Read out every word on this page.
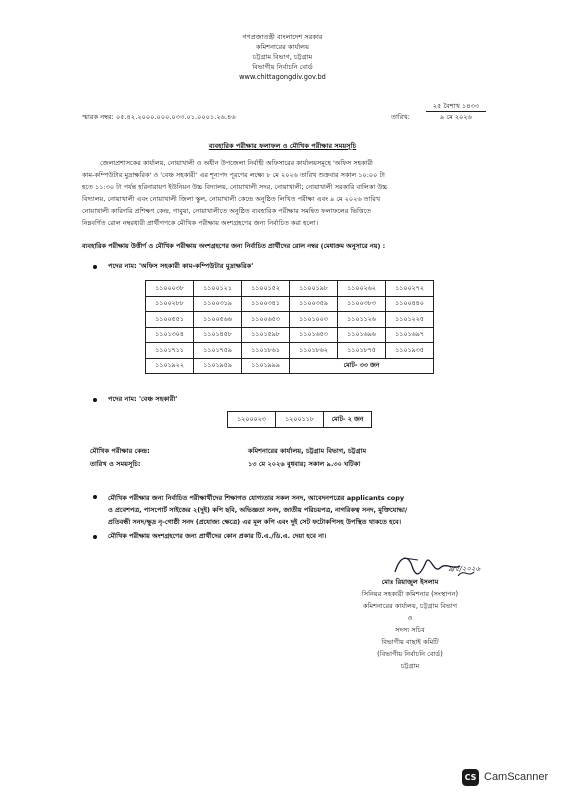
গণপ্রজাতন্ত্রী বাংলাদেশ সরকার
কমিশনারের কার্যালয়
চট্টগ্রাম বিভাগ, চট্টগ্রাম
বিভাগীয় নির্বাচনি বোর্ড
www.chittagongdiv.gov.bd
স্মারক নম্বর: ০৫.৪২.২০০০.০০০.০৩৩.০১.০০০১.২৬.৪৬	তারিখ:
২৫ বৈশাখ ১৪৩৩
৯ মে ২০২৬
ব্যবহারিক পরীক্ষার ফলাফল ও মৌখিক পরীক্ষার সময়সূচি
জেলাপ্রশাসকের কার্যালয়, নোয়াখালী ও অধীন উপজেলা নির্বাহী অফিসারের কার্যালয়সমূহে 'অফিস সহকারী
কাম-কম্পিউটার মুদ্রাক্ষরিক' ও 'বেঞ্চ সহকারী' এর শূন্যপদ পূরণের লক্ষ্যে ৮ মে ২০২৬ তারিখ শুক্রবার সকাল ১০:০০ টা
হতে ১১:৩০ টা পর্যন্ত হরিনারায়ণ ইউনিয়ন উচ্চ বিদ্যালয়, নোয়াখালী সদর, নোয়াখালী; নোয়াখালী সরকারি বালিকা উচ্চ
বিদ্যালয়, নোয়াখালী এবং নোয়াখালী জিলা স্কুল, নোয়াখালী কেন্দ্রে অনুষ্ঠিত লিখিত পরীক্ষা এবং ৯ মে ২০২৬ তারিখ
নোয়াখালী কারিগরি প্রশিক্ষণ কেন্দ্র, গাবুয়া, নোয়াখালীতে অনুষ্ঠিত ব্যবহারিক পরীক্ষার সমন্বিত ফলাফলের ভিত্তিতে
নিম্নবর্ণিত রোল নম্বরধারী প্রার্থীগণকে মৌখিক পরীক্ষায় অংশগ্রহণের জন্য নির্বাচিত করা হলো।
ব্যবহারিক পরীক্ষায় উত্তীর্ণ ও মৌখিক পরীক্ষায় অংশগ্রহণের জন্য নির্বাচিত প্রার্থীদের রোল নম্বর (মেধাক্রম অনুসারে নয়) :
পদের নাম: 'অফিস সহকারী কাম-কম্পিউটার মুদ্রাক্ষরিক'
১১০০০৩৮	১১০০১২১	১১০০১৫২	১১০০১৯৮	১১০০২৬২	১১০০২৭২
১১০০২৮৮	১১০০৩১৯	১১০০৩৪১	১১০০৩৫৯	১১০০৩৮৩	১১০০৪৪০
১১০০৫৫১	১১০০৫৬৬	১১০০৬৫৩	১১০১০০৩	১১০১১২৬	১১০১২২৫
১১০১৩০৪	১১০১৪৫৮	১১০১৫৯৮	১১০১৬৫৩	১১০১৬৯৬	১১০১৬৯৭
১১০১৭১১	১১০১৭৫৯	১১০১৮৬১	১১০১৮৬২	১১০১৮৭৫	১১০১৯৩৫
১১০১৯২২	১১০১৯৫৯	১১০১৯৯৯	মোট- ৩৩ জন		
পদের নাম: 'বেঞ্চ সহকারী'
১২০০০২৩	১২০০১১৮	মোট- ২ জন
মৌখিক পরীক্ষার কেন্দ্র:	কমিশনারের কার্যালয়, চট্টগ্রাম বিভাগ, চট্টগ্রাম
তারিখ ও সময়সূচি:	১৩ মে ২০২৬ বুধবার; সকাল ৯.৩০ ঘটিকা
মৌখিক পরীক্ষার জন্য নির্বাচিত পরীক্ষার্থীদের শিক্ষাগত যোগ্যতার সকল সনদ, আবেদনপত্রের applicants copy
ও প্রবেশপত্র, পাসপোর্ট সাইজের ২(দুই) কপি ছবি, অভিজ্ঞতা সনদ, জাতীয় পরিচয়পত্র, নাগরিকত্ব সনদ, মুক্তিযোদ্ধা/
প্রতিবন্ধী সনদ/ক্ষুদ্র নৃ-গোষ্ঠী সনদ (প্রযোজ্য ক্ষেত্রে) এর মূল কপি এবং দুই সেট ফটোকপিসহ উপস্থিত থাকতে হবে।
মৌখিক পরীক্ষায় অংশগ্রহণের জন্য প্রার্থীদের কোন প্রকার টি.এ./ডি.এ. দেয়া হবে না।
৯/৫/২০২৬
মোঃ রিয়াজুল ইসলাম
সিনিয়র সহকারী কমিশনার (সংস্থাপন)
কমিশনারের কার্যালয়, চট্টগ্রাম বিভাগ
ও
সদস্য সচিব
বিভাগীয় বাছাই কমিটি
(বিভাগীয় নির্বাচনি বোর্ড)
চট্টগ্রাম
CS CamScanner
